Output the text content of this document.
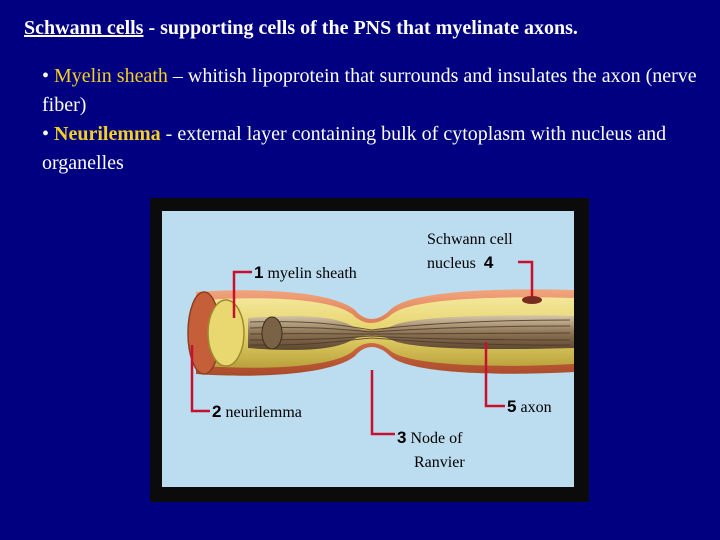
Schwann cells - supporting cells of the PNS that myelinate axons.
• Myelin sheath – whitish lipoprotein that surrounds and insulates the axon (nerve fiber)
• Neurilemma - external layer containing bulk of cytoplasm with nucleus and organelles
1 myelin sheath
2 neurilemma
3 Node of
Ranvier
Schwann cell
nucleus 4
5 axon
